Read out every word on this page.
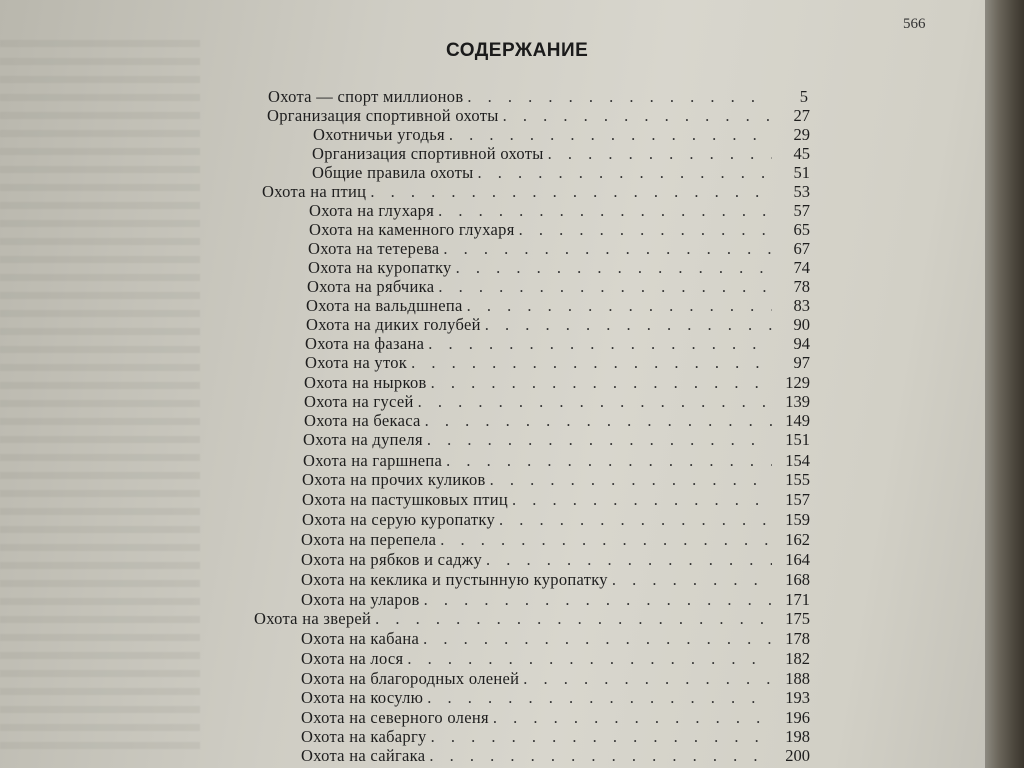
566
СОДЕРЖАНИЕ
Охота — спорт миллионов . . .	5
Организация спортивной охоты . . .	27
Охотничьи угодья . . .	29
Организация спортивной охоты . . .	45
Общие правила охоты . . .	51
Охота на птиц . . .	53
Охота на глухаря . . .	57
Охота на каменного глухаря . . .	65
Охота на тетерева . . .	67
Охота на куропатку . . .	74
Охота на рябчика . . .	78
Охота на вальдшнепа . . .	83
Охота на диких голубей . . .	90
Охота на фазана . . .	94
Охота на уток . . .	97
Охота на нырков . . .	129
Охота на гусей . . .	139
Охота на бекаса . . .	149
Охота на дупеля . . .	151
Охота на гаршнепа . . .	154
Охота на прочих куликов . . .	155
Охота на пастушковых птиц . . .	157
Охота на серую куропатку . . .	159
Охота на перепела . . .	162
Охота на рябков и саджу . . .	164
Охота на кеклика и пустынную куропатку . . .	168
Охота на уларов . . .	171
Охота на зверей . . .	175
Охота на кабана . . .	178
Охота на лося . . .	182
Охота на благородных оленей . . .	188
Охота на косулю . . .	193
Охота на северного оленя . . .	196
Охота на кабаргу . . .	198
Охота на сайгака . . .	200
